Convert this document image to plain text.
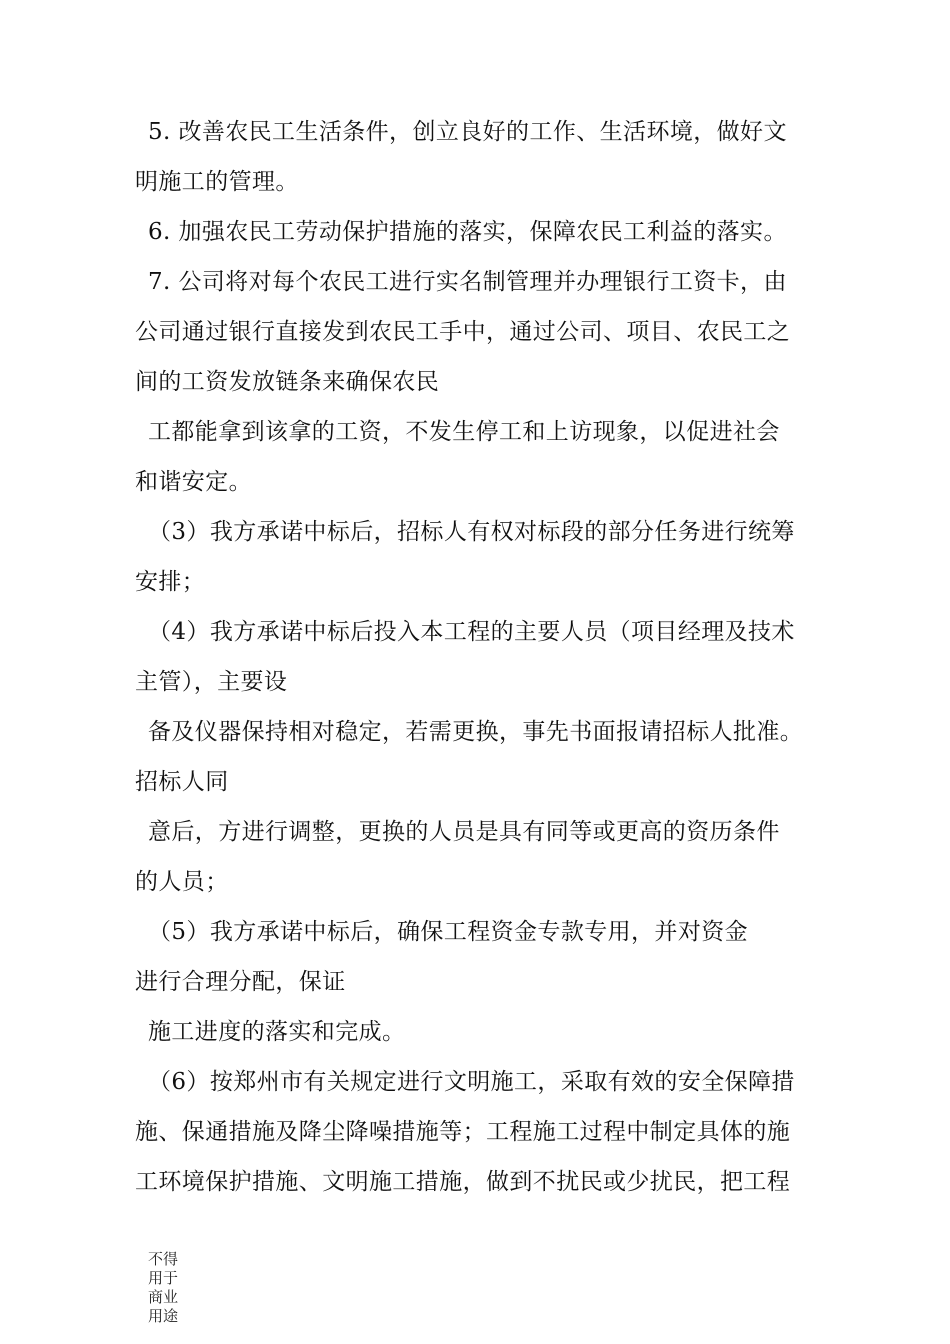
5. 改善农民工生活条件，创立良好的工作、生活环境，做好文
明施工的管理。
6. 加强农民工劳动保护措施的落实，保障农民工利益的落实。
7. 公司将对每个农民工进行实名制管理并办理银行工资卡，由
公司通过银行直接发到农民工手中，通过公司、项目、农民工之
间的工资发放链条来确保农民
工都能拿到该拿的工资，不发生停工和上访现象，以促进社会
和谐安定。
（3）我方承诺中标后，招标人有权对标段的部分任务进行统筹
安排；
（4）我方承诺中标后投入本工程的主要人员（项目经理及技术
主管），主要设
备及仪器保持相对稳定，若需更换，事先书面报请招标人批准。
招标人同
意后，方进行调整，更换的人员是具有同等或更高的资历条件
的人员；
（5）我方承诺中标后，确保工程资金专款专用，并对资金
进行合理分配，保证
施工进度的落实和完成。
（6）按郑州市有关规定进行文明施工，采取有效的安全保障措
施、保通措施及降尘降噪措施等；工程施工过程中制定具体的施
工环境保护措施、文明施工措施，做到不扰民或少扰民，把工程
不得用于商业用途
